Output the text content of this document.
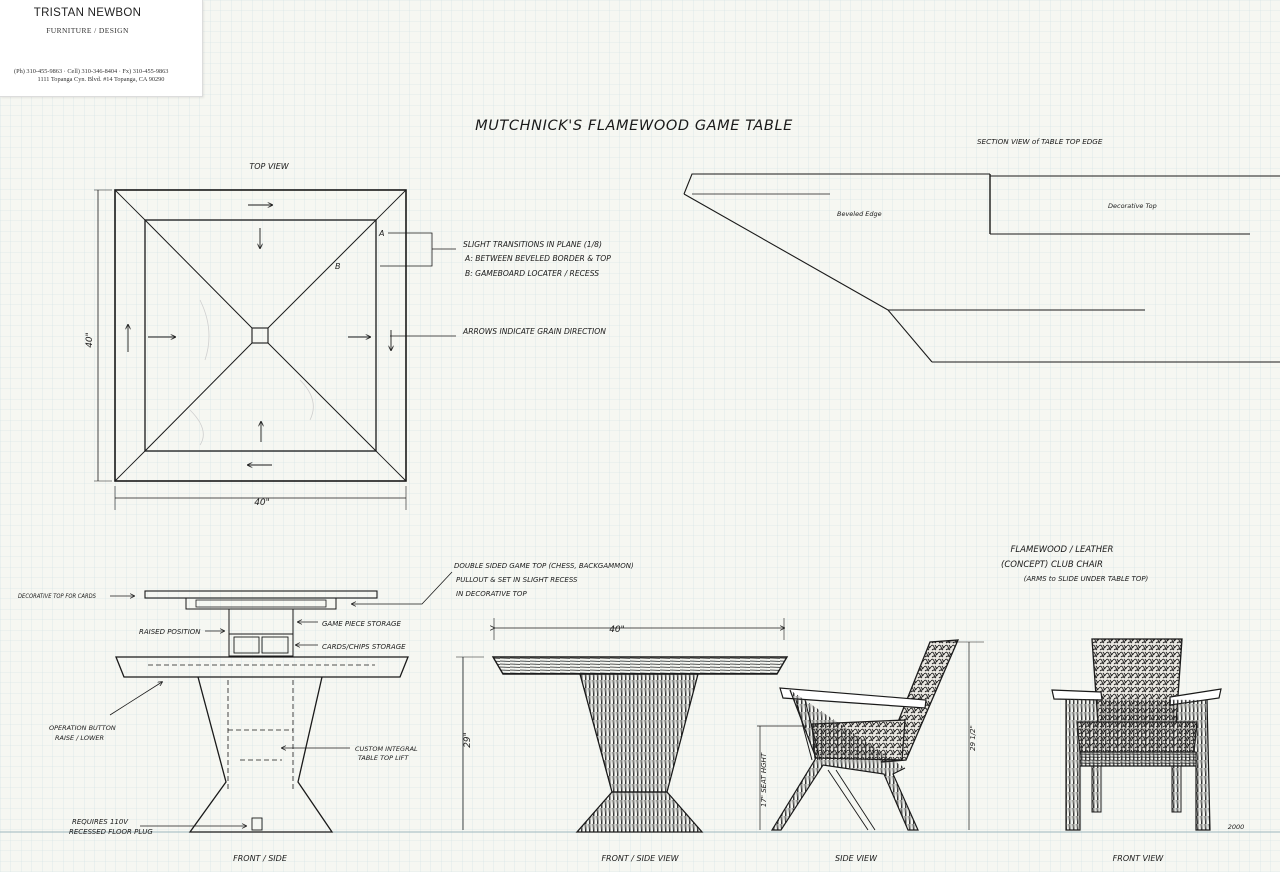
MUTCHNICK'S FLAMEWOOD GAME TABLE
TOP VIEW
40"
40"
A
B
SLIGHT TRANSITIONS IN PLANE (1/8)
A: BETWEEN BEVELED BORDER & TOP
B: GAMEBOARD LOCATER / RECESS
ARROWS INDICATE GRAIN DIRECTION
SECTION VIEW of TABLE TOP EDGE
Beveled Edge
Decorative Top
DECORATIVE TOP FOR CARDS
RAISED POSITION
DOUBLE SIDED GAME TOP (CHESS, BACKGAMMON)
PULLOUT & SET IN SLIGHT RECESS
IN DECORATIVE TOP
GAME PIECE STORAGE
CARDS/CHIPS STORAGE
OPERATION BUTTON
RAISE / LOWER
CUSTOM INTEGRAL
TABLE TOP LIFT
REQUIRES 110V
RECESSED FLOOR PLUG
FRONT / SIDE
40"
29"
FRONT / SIDE VIEW
FLAMEWOOD / LEATHER
(CONCEPT) CLUB CHAIR
(ARMS to SLIDE UNDER TABLE TOP)
17" SEAT HGHT
29 1/2"
SIDE VIEW	FRONT VIEW
2000
TRISTAN NEWBON
FURNITURE / DESIGN
(Ph) 310-455-9863 · Cell) 310-346-8404 · Fx) 310-455-9863
1111 Topanga Cyn. Blvd. #14 Topanga, CA 90290
